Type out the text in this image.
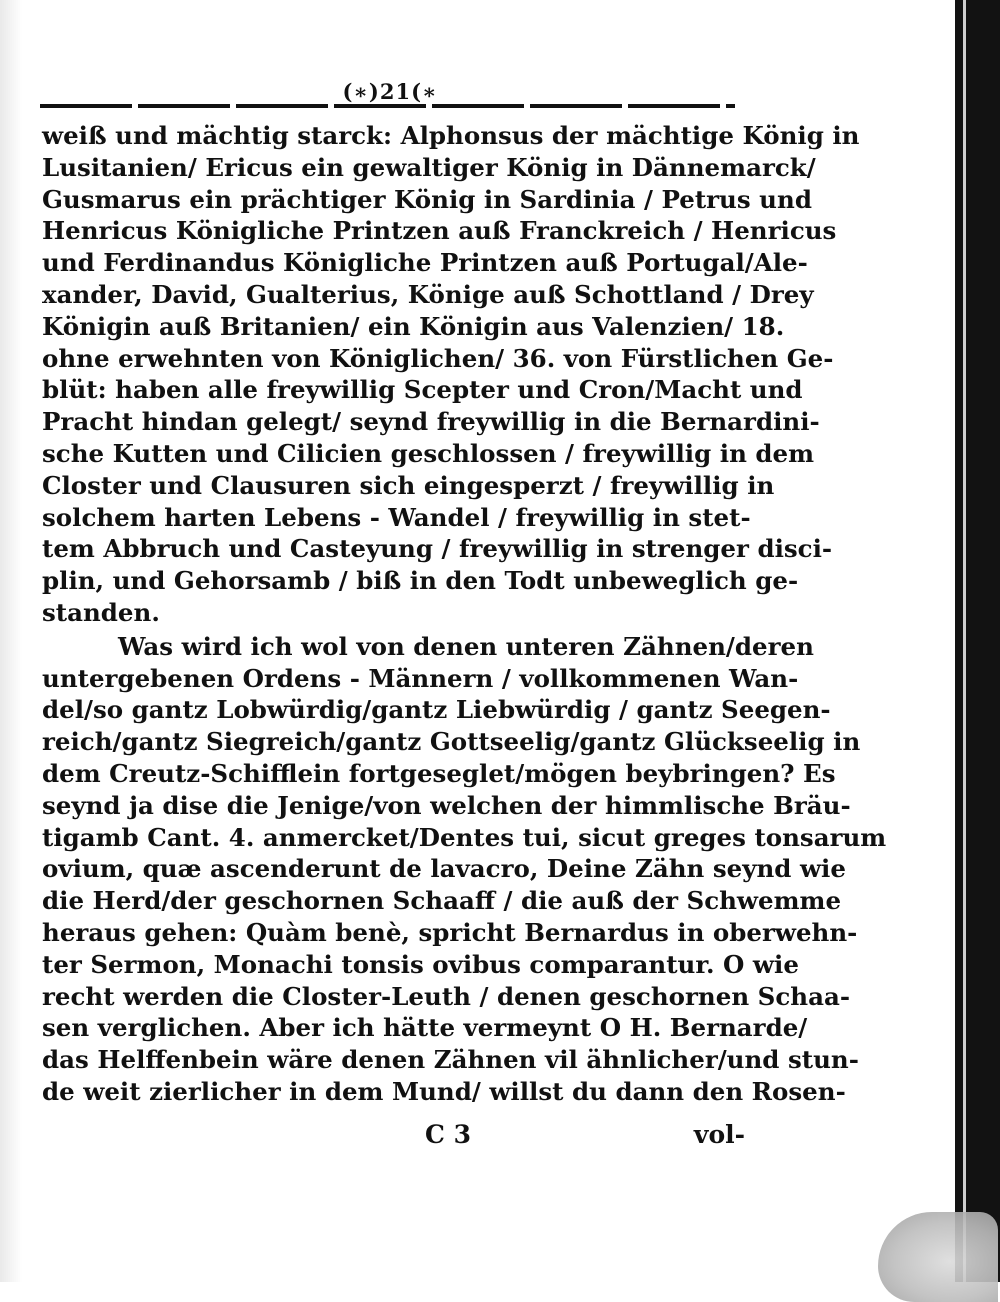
(∗)21(∗
weiß und mächtig starck: Alphonsus der mächtige König in
Lusitanien/ Ericus ein gewaltiger König in Dännemarck/
Gusmarus ein prächtiger König in Sardinia / Petrus und
Henricus Königliche Printzen auß Franckreich / Henricus
und Ferdinandus Königliche Printzen auß Portugal/Ale-
xander, David, Gualterius, Könige auß Schottland / Drey
Königin auß Britanien/ ein Königin aus Valenzien/ 18.
ohne erwehnten von Königlichen/ 36. von Fürstlichen Ge-
blüt: haben alle freywillig Scepter und Cron/Macht und
Pracht hindan gelegt/ seynd freywillig in die Bernardini-
sche Kutten und Cilicien geschlossen / freywillig in dem
Closter und Clausuren sich eingesperzt / freywillig in
solchem harten Lebens - Wandel / freywillig in stet-
tem Abbruch und Casteyung / freywillig in strenger disci-
plin, und Gehorsamb / biß in den Todt unbeweglich ge-
standen.
Was wird ich wol von denen unteren Zähnen/deren
untergebenen Ordens - Männern / vollkommenen Wan-
del/so gantz Lobwürdig/gantz Liebwürdig / gantz Seegen-
reich/gantz Siegreich/gantz Gottseelig/gantz Glückseelig in
dem Creutz-Schifflein fortgeseglet/mögen beybringen? Es
seynd ja dise die Jenige/von welchen der himmlische Bräu-
tigamb Cant. 4. anmercket/Dentes tui, sicut greges tonsarum
ovium, quæ ascenderunt de lavacro, Deine Zähn seynd wie
die Herd/der geschornen Schaaff / die auß der Schwemme
heraus gehen: Quàm benè, spricht Bernardus in oberwehn-
ter Sermon, Monachi tonsis ovibus comparantur. O wie
recht werden die Closter-Leuth / denen geschornen Schaa-
sen verglichen. Aber ich hätte vermeynt O H. Bernarde/
das Helffenbein wäre denen Zähnen vil ähnlicher/und stun-
de weit zierlicher in dem Mund/ willst du dann den Rosen-
C 3	vol-
